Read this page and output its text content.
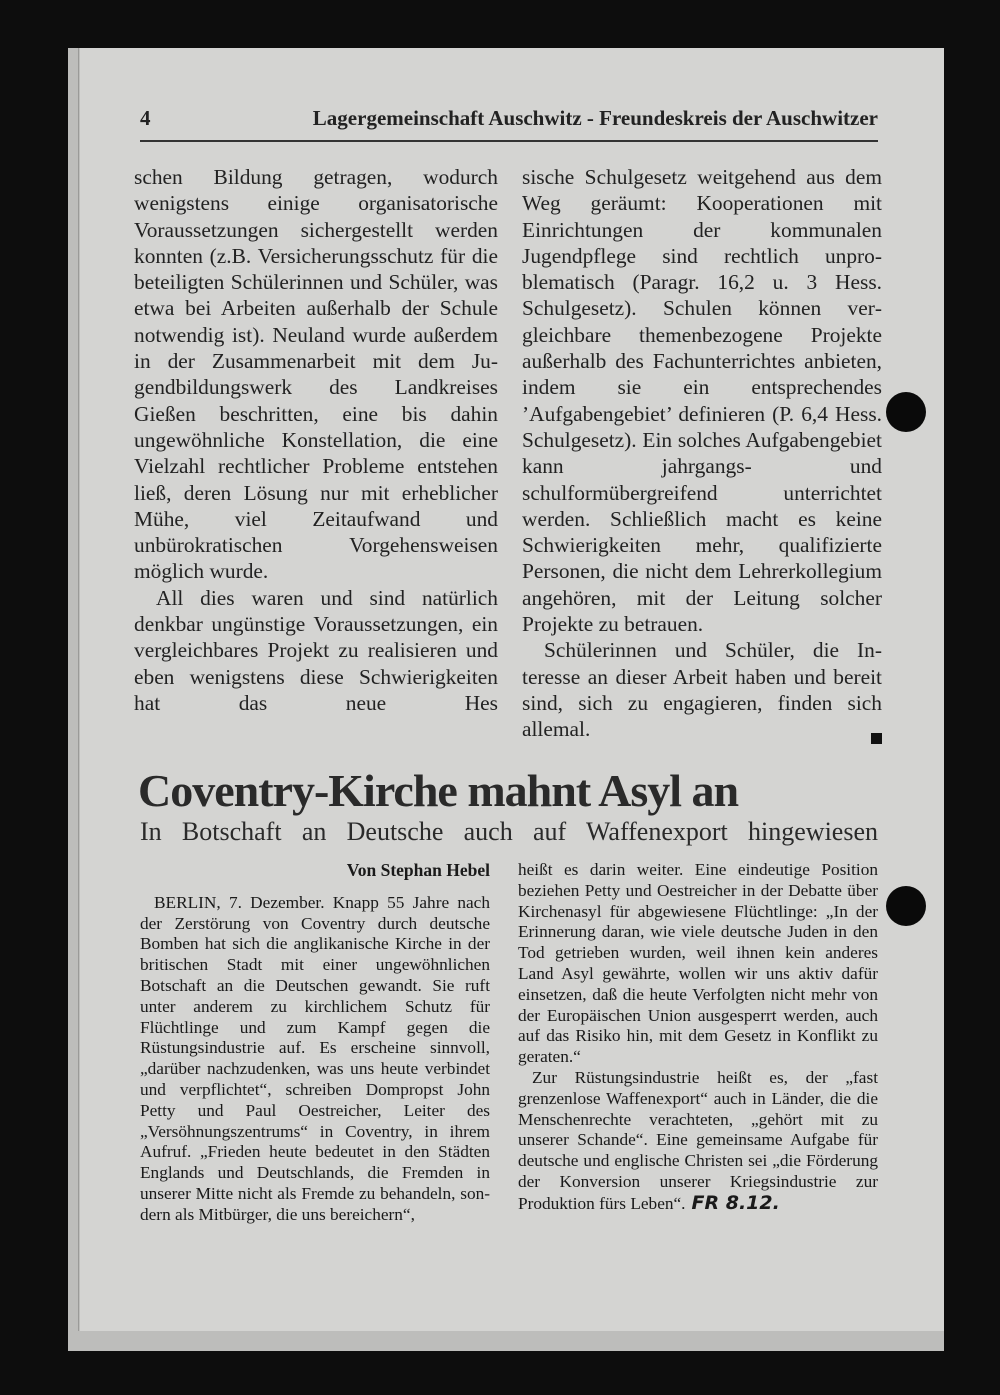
4	Lagergemeinschaft Auschwitz - Freundeskreis der Auschwitzer

schen Bildung getragen, wodurch wenigstens einige organisatorische Voraussetzungen sichergestellt werden konnten (z.B. Versicherungsschutz für die beteiligten Schülerinnen und Schüler, was etwa bei Arbeiten außerhalb der Schule notwendig ist). Neuland wurde außerdem in der Zusammenarbeit mit dem Jugendbildungswerk des Landkreises Gießen beschritten, eine bis dahin ungewöhnliche Konstellation, die eine Vielzahl rechtlicher Probleme entstehen ließ, deren Lösung nur mit erheblicher Mühe, viel Zeitaufwand und unbürokratischen Vorgehensweisen möglich wurde.

All dies waren und sind natürlich denkbar ungünstige Voraussetzungen, ein vergleichbares Projekt zu realisieren und eben wenigstens diese Schwierigkeiten hat das neue Hes

sische Schulgesetz weitgehend aus dem Weg geräumt: Kooperationen mit Einrichtungen der kommunalen Jugendpflege sind rechtlich unproblematisch (Paragr. 16,2 u. 3 Hess. Schulgesetz). Schulen können vergleichbare themenbezogene Projekte außerhalb des Fachunterrichtes anbieten, indem sie ein entsprechendes ’Aufgabengebiet’ definieren (P. 6,4 Hess. Schulgesetz). Ein solches Aufgabengebiet kann jahrgangs- und schulformübergreifend unterrichtet werden. Schließlich macht es keine Schwierigkeiten mehr, qualifizierte Personen, die nicht dem Lehrerkollegium angehören, mit der Leitung solcher Projekte zu betrauen.

Schülerinnen und Schüler, die Interesse an dieser Arbeit haben und bereit sind, sich zu engagieren, finden sich allemal.

Coventry-Kirche mahnt Asyl an
In Botschaft an Deutsche auch auf Waffenexport hingewiesen
Von Stephan Hebel

BERLIN, 7. Dezember. Knapp 55 Jahre nach der Zerstörung von Coventry durch deutsche Bomben hat sich die anglikanische Kirche in der britischen Stadt mit einer ungewöhnlichen Botschaft an die Deutschen gewandt. Sie ruft unter anderem zu kirchlichem Schutz für Flüchtlinge und zum Kampf gegen die Rüstungsindustrie auf. Es erscheine sinnvoll, „darüber nachzudenken, was uns heute verbindet und verpflichtet“, schreiben Dompropst John Petty und Paul Oestreicher, Leiter des „Versöhnungszentrums“ in Coventry, in ihrem Aufruf. „Frieden heute bedeutet in den Städten Englands und Deutschlands, die Fremden in unserer Mitte nicht als Fremde zu behandeln, sondern als Mitbürger, die uns bereichern“,

heißt es darin weiter. Eine eindeutige Position beziehen Petty und Oestreicher in der Debatte über Kirchenasyl für abgewiesene Flüchtlinge: „In der Erinnerung daran, wie viele deutsche Juden in den Tod getrieben wurden, weil ihnen kein anderes Land Asyl gewährte, wollen wir uns aktiv dafür einsetzen, daß die heute Verfolgten nicht mehr von der Europäischen Union ausgesperrt werden, auch auf das Risiko hin, mit dem Gesetz in Konflikt zu geraten.“

Zur Rüstungsindustrie heißt es, der „fast grenzenlose Waffenexport“ auch in Länder, die die Menschenrechte verachteten, „gehört mit zu unserer Schande“. Eine gemeinsame Aufgabe für deutsche und englische Christen sei „die Förderung der Konversion unserer Kriegsindustrie zur Produktion fürs Leben“. FR 8.12.
